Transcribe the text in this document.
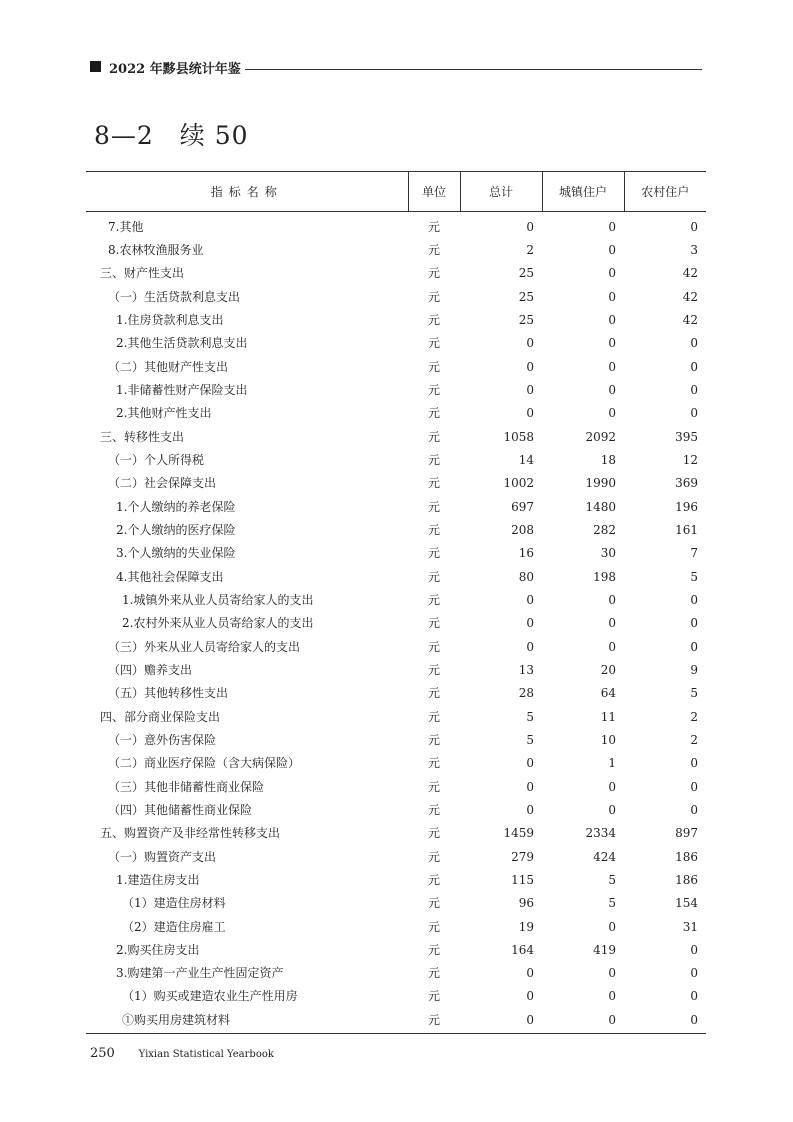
2022 年黟县统计年鉴
8—2　续 50
指标名称	单位	总计	城镇住户	农村住户
7.其他	元	0	0	0
8.农林牧渔服务业	元	2	0	3
三、财产性支出	元	25	0	42
（一）生活贷款利息支出	元	25	0	42
1.住房贷款利息支出	元	25	0	42
2.其他生活贷款利息支出	元	0	0	0
（二）其他财产性支出	元	0	0	0
1.非储蓄性财产保险支出	元	0	0	0
2.其他财产性支出	元	0	0	0
三、转移性支出	元	1058	2092	395
（一）个人所得税	元	14	18	12
（二）社会保障支出	元	1002	1990	369
1.个人缴纳的养老保险	元	697	1480	196
2.个人缴纳的医疗保险	元	208	282	161
3.个人缴纳的失业保险	元	16	30	7
4.其他社会保障支出	元	80	198	5
1.城镇外来从业人员寄给家人的支出	元	0	0	0
2.农村外来从业人员寄给家人的支出	元	0	0	0
（三）外来从业人员寄给家人的支出	元	0	0	0
（四）赡养支出	元	13	20	9
（五）其他转移性支出	元	28	64	5
四、部分商业保险支出	元	5	11	2
（一）意外伤害保险	元	5	10	2
（二）商业医疗保险（含大病保险）	元	0	1	0
（三）其他非储蓄性商业保险	元	0	0	0
（四）其他储蓄性商业保险	元	0	0	0
五、购置资产及非经常性转移支出	元	1459	2334	897
（一）购置资产支出	元	279	424	186
1.建造住房支出	元	115	5	186
（1）建造住房材料	元	96	5	154
（2）建造住房雇工	元	19	0	31
2.购买住房支出	元	164	419	0
3.购建第一产业生产性固定资产	元	0	0	0
（1）购买或建造农业生产性用房	元	0	0	0
①购买用房建筑材料	元	0	0	0
250 Yixian Statistical Yearbook
